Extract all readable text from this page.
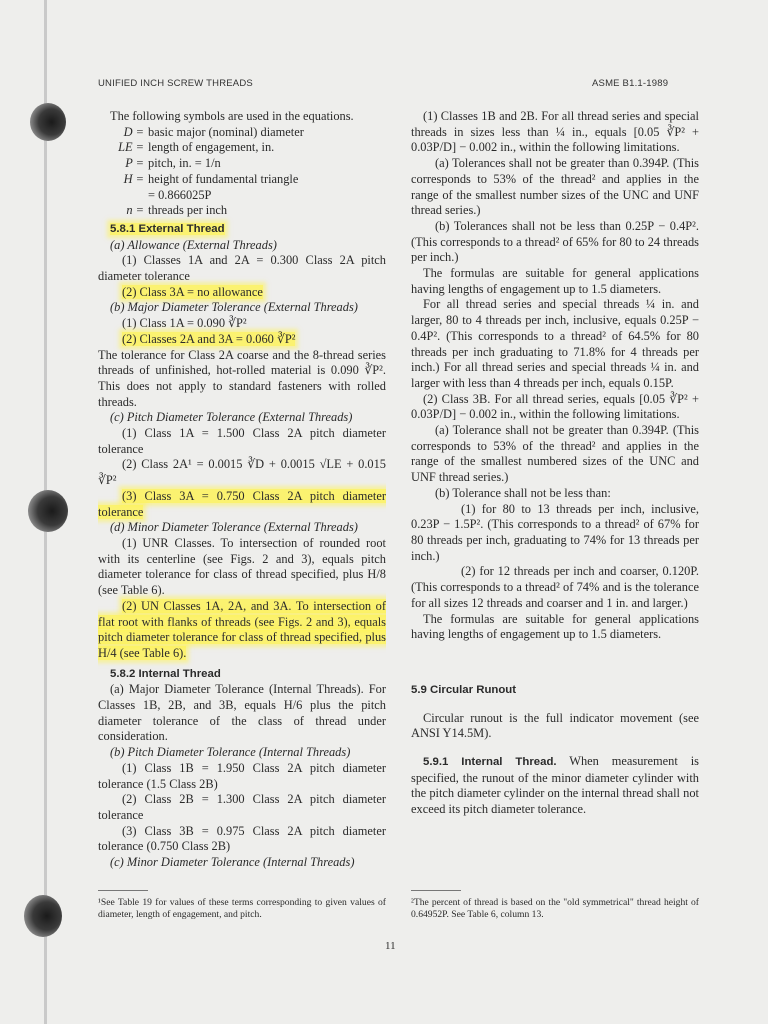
UNIFIED INCH SCREW THREADS	ASME B1.1-1989

The following symbols are used in the equations.

D = basic major (nominal) diameter
LE = length of engagement, in.
P = pitch, in. = 1/n
H = height of fundamental triangle
= 0.866025P
n = threads per inch

5.8.1 External Thread

(a) Allowance (External Threads)

(1) Classes 1A and 2A = 0.300 Class 2A pitch diameter tolerance

(2) Class 3A = no allowance

(b) Major Diameter Tolerance (External Threads)

(1) Class 1A = 0.090 ∛P²

(2) Classes 2A and 3A = 0.060 ∛P²

The tolerance for Class 2A coarse and the 8-thread series threads of unfinished, hot-rolled material is 0.090 ∛P². This does not apply to standard fasteners with rolled threads.

(c) Pitch Diameter Tolerance (External Threads)

(1) Class 1A = 1.500 Class 2A pitch diameter tolerance

(2) Class 2A¹ = 0.0015 ∛D + 0.0015 √LE + 0.015 ∛P²

(3) Class 3A = 0.750 Class 2A pitch diameter tolerance

(d) Minor Diameter Tolerance (External Threads)

(1) UNR Classes. To intersection of rounded root with its centerline (see Figs. 2 and 3), equals pitch diameter tolerance for class of thread specified, plus H/8 (see Table 6).

(2) UN Classes 1A, 2A, and 3A. To intersection of flat root with flanks of threads (see Figs. 2 and 3), equals pitch diameter tolerance for class of thread specified, plus H/4 (see Table 6).

5.8.2 Internal Thread

(a) Major Diameter Tolerance (Internal Threads). For Classes 1B, 2B, and 3B, equals H/6 plus the pitch diameter tolerance of the class of thread under consideration.

(b) Pitch Diameter Tolerance (Internal Threads)

(1) Class 1B = 1.950 Class 2A pitch diameter tolerance (1.5 Class 2B)

(2) Class 2B = 1.300 Class 2A pitch diameter tolerance

(3) Class 3B = 0.975 Class 2A pitch diameter tolerance (0.750 Class 2B)

(c) Minor Diameter Tolerance (Internal Threads)

¹See Table 19 for values of these terms corresponding to given values of diameter, length of engagement, and pitch.

(1) Classes 1B and 2B. For all thread series and special threads in sizes less than ¼ in., equals [0.05 ∛P² + 0.03P/D] − 0.002 in., within the following limitations.

(a) Tolerances shall not be greater than 0.394P. (This corresponds to 53% of the thread² and applies in the range of the smallest number sizes of the UNC and UNF thread series.)

(b) Tolerances shall not be less than 0.25P − 0.4P². (This corresponds to a thread² of 65% for 80 to 24 threads per inch.)

The formulas are suitable for general applications having lengths of engagement up to 1.5 diameters.

For all thread series and special threads ¼ in. and larger, 80 to 4 threads per inch, inclusive, equals 0.25P − 0.4P². (This corresponds to a thread² of 64.5% for 80 threads per inch graduating to 71.8% for 4 threads per inch.) For all thread series and special threads ¼ in. and larger with less than 4 threads per inch, equals 0.15P.

(2) Class 3B. For all thread series, equals [0.05 ∛P² + 0.03P/D] − 0.002 in., within the following limitations.

(a) Tolerance shall not be greater than 0.394P. (This corresponds to 53% of the thread² and applies in the range of the smallest numbered sizes of the UNC and UNF thread series.)

(b) Tolerance shall not be less than:

(1) for 80 to 13 threads per inch, inclusive, 0.23P − 1.5P². (This corresponds to a thread² of 67% for 80 threads per inch, graduating to 74% for 13 threads per inch.)

(2) for 12 threads per inch and coarser, 0.120P. (This corresponds to a thread² of 74% and is the tolerance for all sizes 12 threads and coarser and 1 in. and larger.)

The formulas are suitable for general applications having lengths of engagement up to 1.5 diameters.

5.9 Circular Runout

Circular runout is the full indicator movement (see ANSI Y14.5M).

5.9.1 Internal Thread. When measurement is specified, the runout of the minor diameter cylinder with the pitch diameter cylinder on the internal thread shall not exceed its pitch diameter tolerance.

²The percent of thread is based on the "old symmetrical" thread height of 0.64952P. See Table 6, column 13.
11
